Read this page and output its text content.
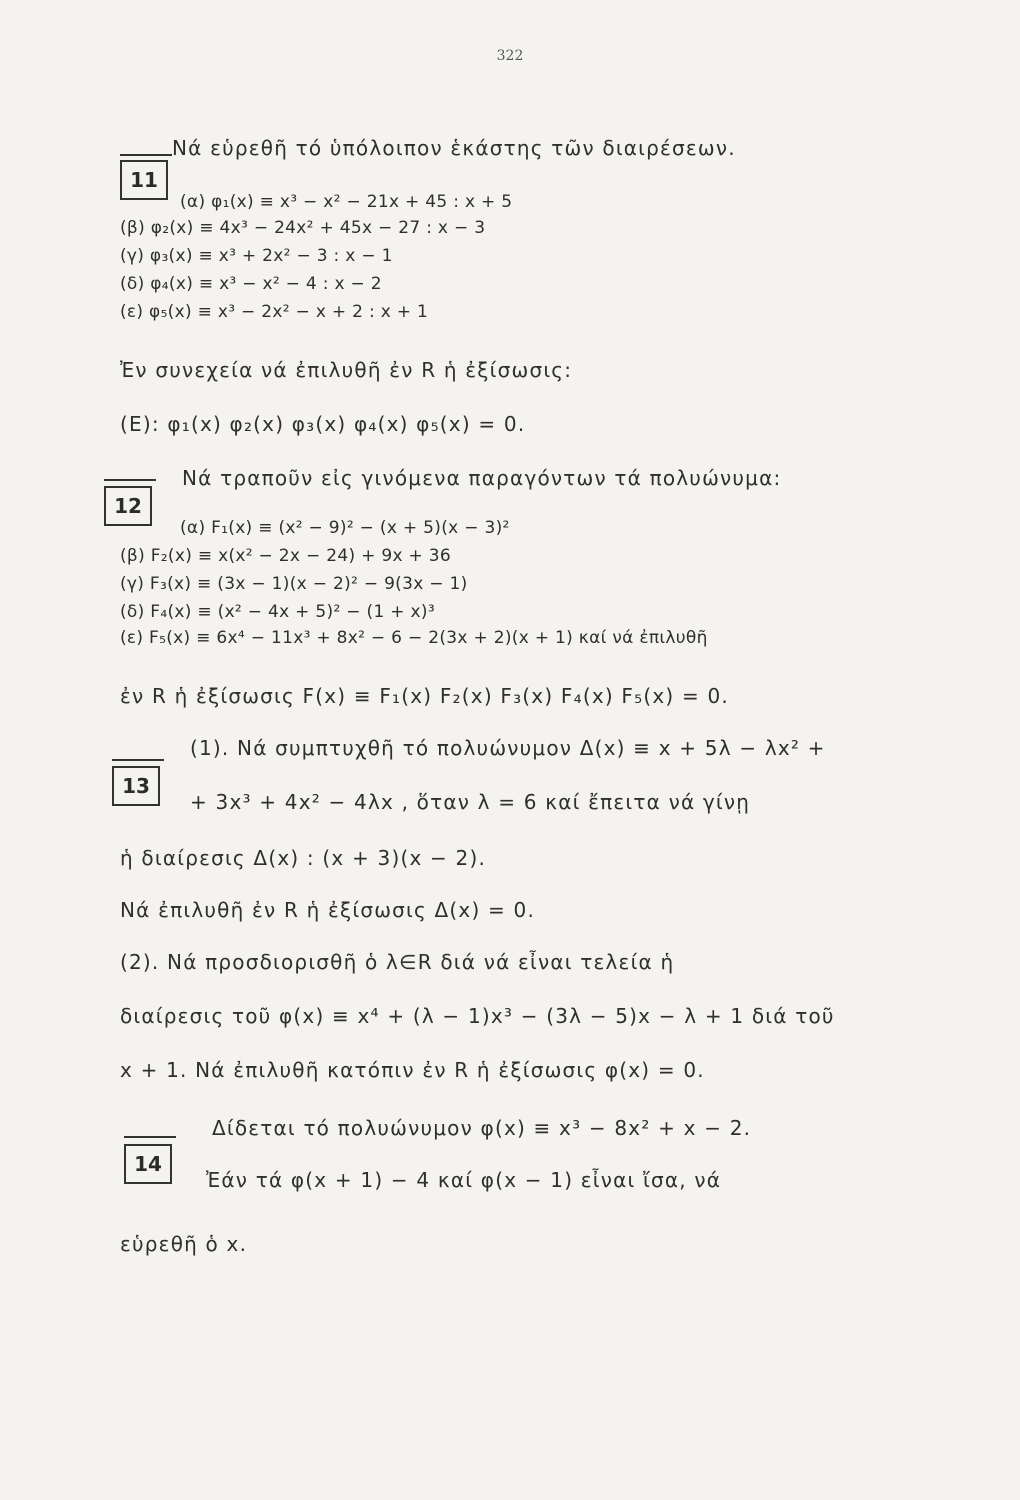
322
11
Νά εὑρεθῆ τό ὑπόλοιπον ἑκάστης τῶν διαιρέσεων.
(α) φ₁(x) ≡ x³ − x² − 21x + 45 : x + 5
(β) φ₂(x) ≡ 4x³ − 24x² + 45x − 27 : x − 3
(γ) φ₃(x) ≡ x³ + 2x² − 3 : x − 1
(δ) φ₄(x) ≡ x³ − x² − 4 : x − 2
(ε) φ₅(x) ≡ x³ − 2x² − x + 2 : x + 1
Ἐν συνεχεία νά ἐπιλυθῆ ἐν R ἡ ἐξίσωσις:
(Ε): φ₁(x) φ₂(x) φ₃(x) φ₄(x) φ₅(x) = 0.
12
Νά τραποῦν εἰς γινόμενα παραγόντων τά πολυώνυμα:
(α) F₁(x) ≡ (x² − 9)² − (x + 5)(x − 3)²
(β) F₂(x) ≡ x(x² − 2x − 24) + 9x + 36
(γ) F₃(x) ≡ (3x − 1)(x − 2)² − 9(3x − 1)
(δ) F₄(x) ≡ (x² − 4x + 5)² − (1 + x)³
(ε) F₅(x) ≡ 6x⁴ − 11x³ + 8x² − 6 − 2(3x + 2)(x + 1) καί νά ἐπιλυθῆ
ἐν R ἡ ἐξίσωσις F(x) ≡ F₁(x) F₂(x) F₃(x) F₄(x) F₅(x) = 0.
13
(1). Νά συμπτυχθῆ τό πολυώνυμον Δ(x) ≡ x + 5λ − λx² +
+ 3x³ + 4x² − 4λx , ὅταν λ = 6 καί ἔπειτα νά γίνῃ
ἡ διαίρεσις Δ(x) : (x + 3)(x − 2).
Νά ἐπιλυθῆ ἐν R ἡ ἐξίσωσις Δ(x) = 0.
(2). Νά προσδιορισθῆ ὁ λ∈R διά νά εἶναι τελεία ἡ
διαίρεσις τοῦ φ(x) ≡ x⁴ + (λ − 1)x³ − (3λ − 5)x − λ + 1 διά τοῦ
x + 1. Νά ἐπιλυθῆ κατόπιν ἐν R ἡ ἐξίσωσις φ(x) = 0.
14
Δίδεται τό πολυώνυμον φ(x) ≡ x³ − 8x² + x − 2.
Ἐάν τά φ(x + 1) − 4 καί φ(x − 1) εἶναι ἴσα, νά
εὑρεθῆ ὁ x.
